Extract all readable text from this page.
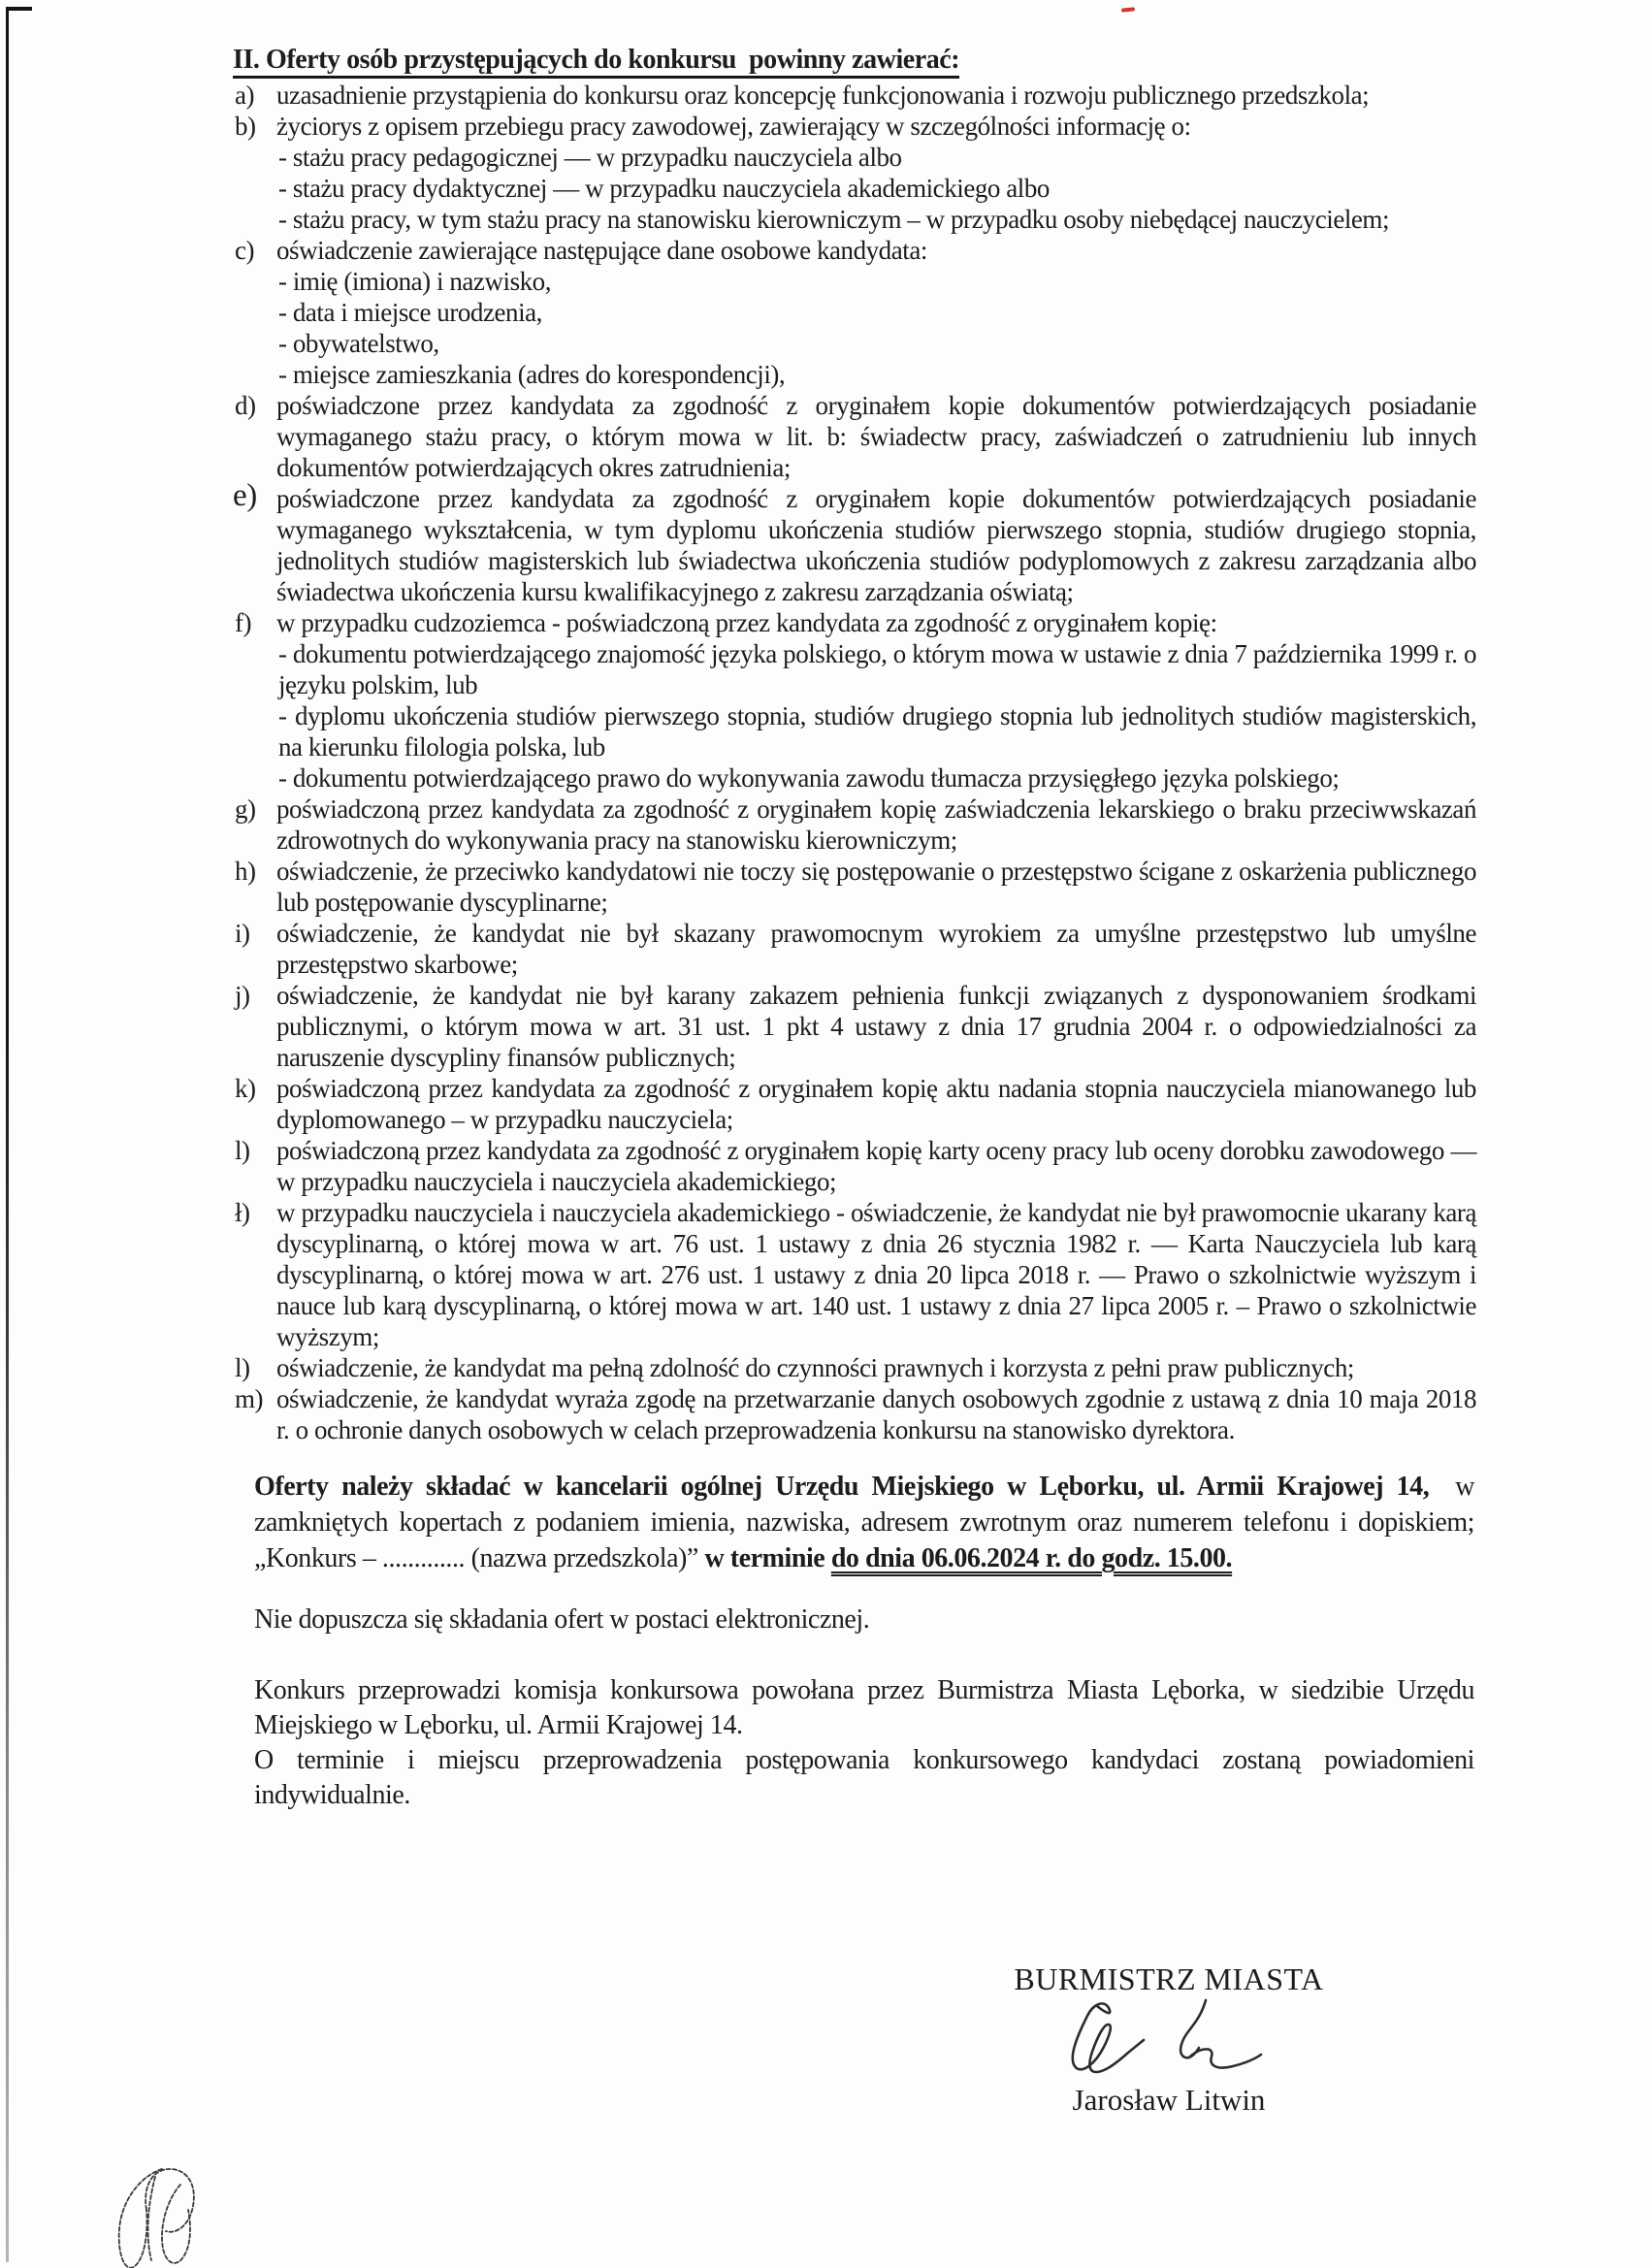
II. Oferty osób przystępujących do konkursu  powinny zawierać:

a) uzasadnienie przystąpienia do konkursu oraz koncepcję funkcjonowania i rozwoju publicznego przedszkola;
b) życiorys z opisem przebiegu pracy zawodowej, zawierający w szczególności informację o:
- stażu pracy pedagogicznej — w przypadku nauczyciela albo
- stażu pracy dydaktycznej — w przypadku nauczyciela akademickiego albo
- stażu pracy, w tym stażu pracy na stanowisku kierowniczym – w przypadku osoby niebędącej nauczycielem;
c) oświadczenie zawierające następujące dane osobowe kandydata:
- imię (imiona) i nazwisko,
- data i miejsce urodzenia,
- obywatelstwo,
- miejsce zamieszkania (adres do korespondencji),
d) poświadczone przez kandydata za zgodność z oryginałem kopie dokumentów potwierdzających posiadanie wymaganego stażu pracy, o którym mowa w lit. b: świadectw pracy, zaświadczeń o zatrudnieniu lub innych dokumentów potwierdzających okres zatrudnienia;
e) poświadczone przez kandydata za zgodność z oryginałem kopie dokumentów potwierdzających posiadanie wymaganego wykształcenia, w tym dyplomu ukończenia studiów pierwszego stopnia, studiów drugiego stopnia, jednolitych studiów magisterskich lub świadectwa ukończenia studiów podyplomowych z zakresu zarządzania albo świadectwa ukończenia kursu kwalifikacyjnego z zakresu zarządzania oświatą;
f) w przypadku cudzoziemca - poświadczoną przez kandydata za zgodność z oryginałem kopię:
- dokumentu potwierdzającego znajomość języka polskiego, o którym mowa w ustawie z dnia 7 października 1999 r. o języku polskim, lub
- dyplomu ukończenia studiów pierwszego stopnia, studiów drugiego stopnia lub jednolitych studiów magisterskich, na kierunku filologia polska, lub
- dokumentu potwierdzającego prawo do wykonywania zawodu tłumacza przysięgłego języka polskiego;
g) poświadczoną przez kandydata za zgodność z oryginałem kopię zaświadczenia lekarskiego o braku przeciwwskazań zdrowotnych do wykonywania pracy na stanowisku kierowniczym;
h) oświadczenie, że przeciwko kandydatowi nie toczy się postępowanie o przestępstwo ścigane z oskarżenia publicznego lub postępowanie dyscyplinarne;
i) oświadczenie, że kandydat nie był skazany prawomocnym wyrokiem za umyślne przestępstwo lub umyślne przestępstwo skarbowe;
j) oświadczenie, że kandydat nie był karany zakazem pełnienia funkcji związanych z dysponowaniem środkami publicznymi, o którym mowa w art. 31 ust. 1 pkt 4 ustawy z dnia 17 grudnia 2004 r. o odpowiedzialności za naruszenie dyscypliny finansów publicznych;
k) poświadczoną przez kandydata za zgodność z oryginałem kopię aktu nadania stopnia nauczyciela mianowanego lub dyplomowanego – w przypadku nauczyciela;
l) poświadczoną przez kandydata za zgodność z oryginałem kopię karty oceny pracy lub oceny dorobku zawodowego — w przypadku nauczyciela i nauczyciela akademickiego;
ł) w przypadku nauczyciela i nauczyciela akademickiego - oświadczenie, że kandydat nie był prawomocnie ukarany karą dyscyplinarną, o której mowa w art. 76 ust. 1 ustawy z dnia 26 stycznia 1982 r. — Karta Nauczyciela lub karą dyscyplinarną, o której mowa w art. 276 ust. 1 ustawy z dnia 20 lipca 2018 r. — Prawo o szkolnictwie wyższym i nauce lub karą dyscyplinarną, o której mowa w art. 140 ust. 1 ustawy z dnia 27 lipca 2005 r. – Prawo o szkolnictwie wyższym;
l) oświadczenie, że kandydat ma pełną zdolność do czynności prawnych i korzysta z pełni praw publicznych;
m) oświadczenie, że kandydat wyraża zgodę na przetwarzanie danych osobowych zgodnie z ustawą z dnia 10 maja 2018 r. o ochronie danych osobowych w celach przeprowadzenia konkursu na stanowisko dyrektora.

Oferty należy składać w kancelarii ogólnej Urzędu Miejskiego w Lęborku, ul. Armii Krajowej 14,  w zamkniętych kopertach z podaniem imienia, nazwiska, adresem zwrotnym oraz numerem telefonu i dopiskiem; „Konkurs – ............. (nazwa przedszkola)” w terminie do dnia 06.06.2024 r. do godz. 15.00.

Nie dopuszcza się składania ofert w postaci elektronicznej.

Konkurs przeprowadzi komisja konkursowa powołana przez Burmistrza Miasta Lęborka, w siedzibie Urzędu Miejskiego w Lęborku, ul. Armii Krajowej 14.
O terminie i miejscu przeprowadzenia postępowania konkursowego kandydaci zostaną powiadomieni indywidualnie.

BURMISTRZ MIASTA
Jarosław Litwin
